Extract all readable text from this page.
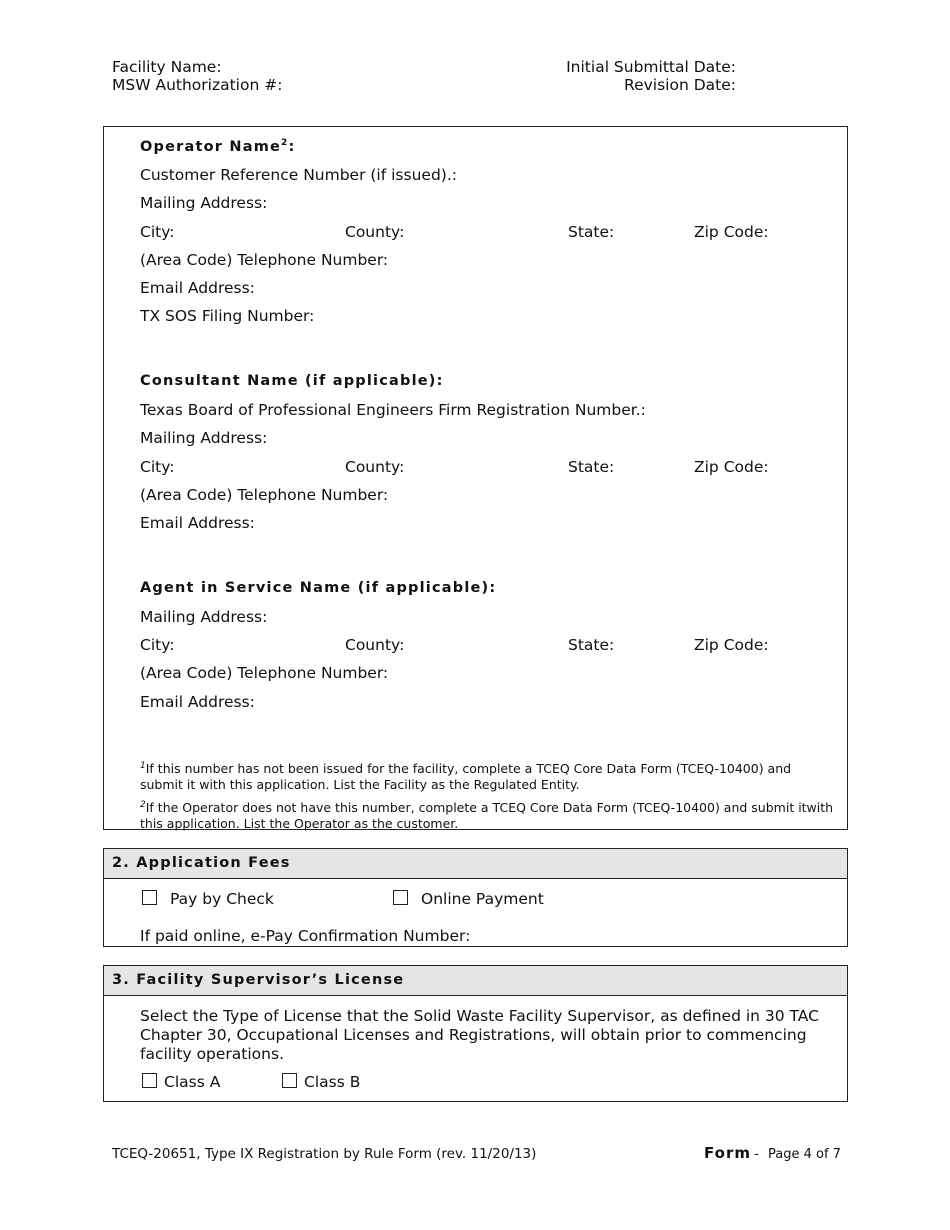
Facility Name:
MSW Authorization #:
Initial Submittal Date:
Revision Date:
Operator Name$^2$:
Customer Reference Number (if issued).:
Mailing Address:
City:	County:	State:	Zip Code:
(Area Code) Telephone Number:
Email Address:
TX SOS Filing Number:
Consultant Name (if applicable):
Texas Board of Professional Engineers Firm Registration Number.:
Mailing Address:
City:	County:	State:	Zip Code:
(Area Code) Telephone Number:
Email Address:
Agent in Service Name (if applicable):
Mailing Address:
City:	County:	State:	Zip Code:
(Area Code) Telephone Number:
Email Address:
$^1$If this number has not been issued for the facility, complete a TCEQ Core Data Form (TCEQ-10400) and submit it with this application. List the Facility as the Regulated Entity.
$^2$If the Operator does not have this number, complete a TCEQ Core Data Form (TCEQ-10400) and submit itwith this application. List the Operator as the customer.
2. Application Fees
Pay by Check	Online Payment
If paid online, e-Pay Confirmation Number:
3. Facility Supervisor’s License
Select the Type of License that the Solid Waste Facility Supervisor, as defined in 30 TAC Chapter 30, Occupational Licenses and Registrations, will obtain prior to commencing facility operations.
Class A	Class B
TCEQ-20651, Type IX Registration by Rule Form (rev. 11/20/13)	Form - Page 4 of 7
